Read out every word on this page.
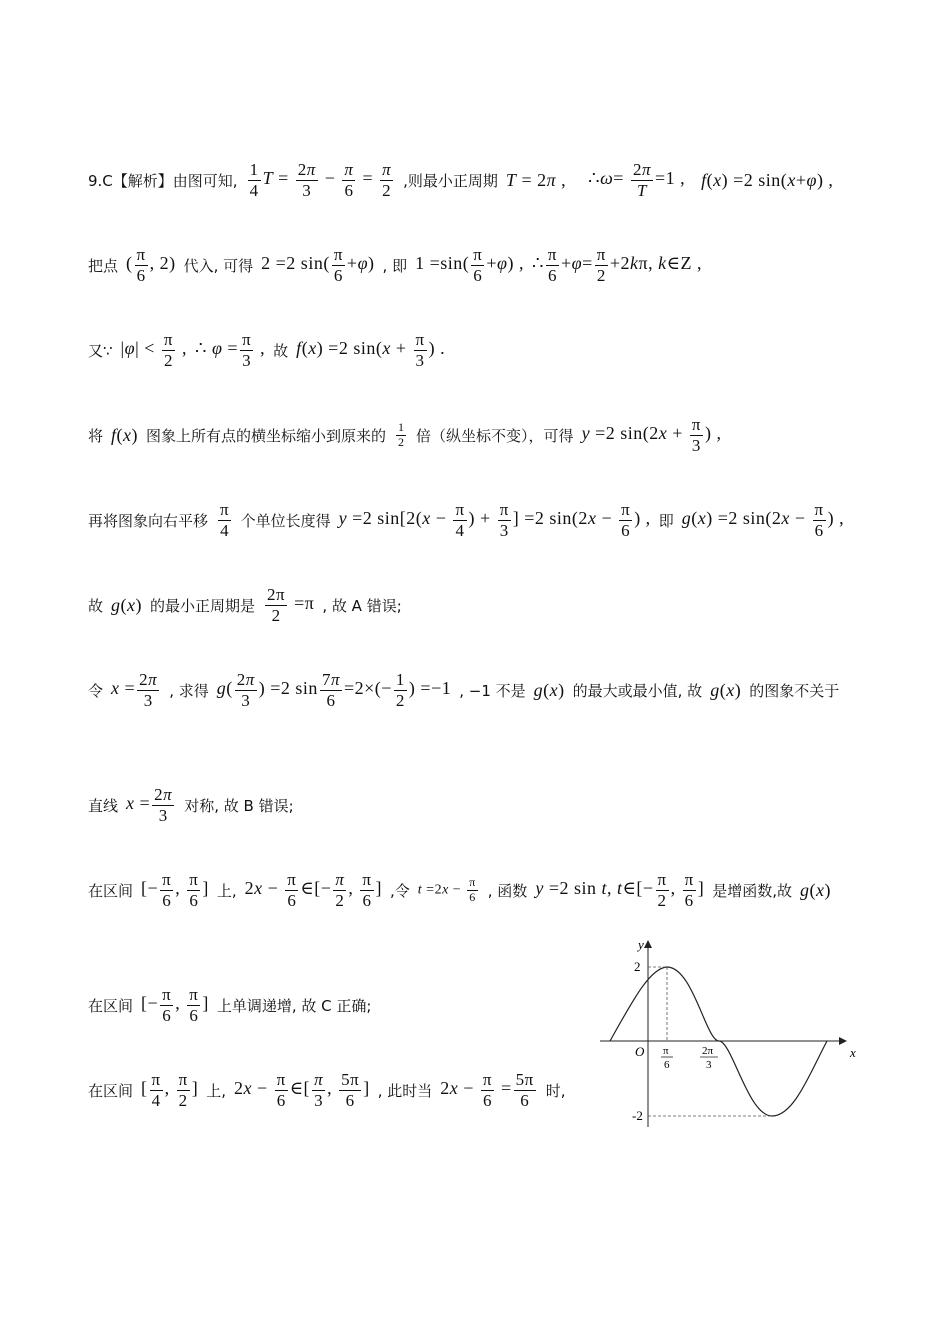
9.C【解析】由图可知, $\frac{1}{4}$ $T = \frac{2\pi}{3} - \frac{\pi}{6} = \frac{\pi}{2}$ ,则最小正周期 T = 2π , ∴ω= $\frac{2\pi}{T} =1$ , f(x) =2 sin(x+φ) ,
把点 ( $\frac{\pi}{6}$ , 2) 代入, 可得 2 =2 $\sin( \frac{\pi}{6} +\varphi)$ , 即 $1 =\sin( \frac{\pi}{6} +\varphi)$ , ∴ $\frac{\pi}{6} +\varphi= \frac{\pi}{2} +2k\pi$, k∈Z ,
又∵ $|\varphi| < \frac{\pi}{2}$ , ∴ $\varphi = \frac{\pi}{3}$ , 故 f(x) =2 $\sin(x + \frac{\pi}{3}$ ) .
将 f(x) 图象上所有点的横坐标缩小到原来的 $\frac{1}{2}$ 倍（纵坐标不变），可得 y =2 $\sin(2x + \frac{\pi}{3}$ ) ,
再将图象向右平移 $\frac{\pi}{4}$ 个单位长度得 y =2 $\sin[2(x - \frac{\pi}{4}$ ) + $\frac{\pi}{3}$ ] =2 $\sin(2x - \frac{\pi}{6}$ ) , 即 g(x) =2 $\sin(2x - \frac{\pi}{6}$ ) ,
故 g(x) 的最小正周期是 $\frac{2\pi}{2} =\pi$ , 故 A 错误;
令 $x = \frac{2\pi}{3}$ , 求得 $g( \frac{2\pi}{3}$ ) =2 $\sin \frac{7\pi}{6} =2\times(- \frac{1}{2}$ ) =−1 , −1 不是 g(x) 的最大或最小值, 故 g(x) 的图象不关于
直线 $x = \frac{2\pi}{3}$ 对称, 故 B 错误;
在区间 [− $\frac{\pi}{6}$ , $\frac{\pi}{6}$ ] 上, $2x - \frac{\pi}{6}$ ∈[− $\frac{\pi}{2}$ , $\frac{\pi}{6}$ ] ,令 $t =2x - \frac{\pi}{6}$ , 函数 y =2 sin t, t∈[− $\frac{\pi}{2}$ , $\frac{\pi}{6}$ ] 是增函数,故 g(x)
在区间 [− $\frac{\pi}{6}$ , $\frac{\pi}{6}$ ] 上单调递增, 故 C 正确;
在区间 [ $\frac{\pi}{4}$ , $\frac{\pi}{2}$ ] 上, $2x - \frac{\pi}{6}$ ∈[ $\frac{\pi}{3}$ , $\frac{5\pi}{6}$ ] , 此时当 $2x - \frac{\pi}{6} = \frac{5\pi}{6}$ 时,
x
y
O
2
-2
π
6
2π
3
